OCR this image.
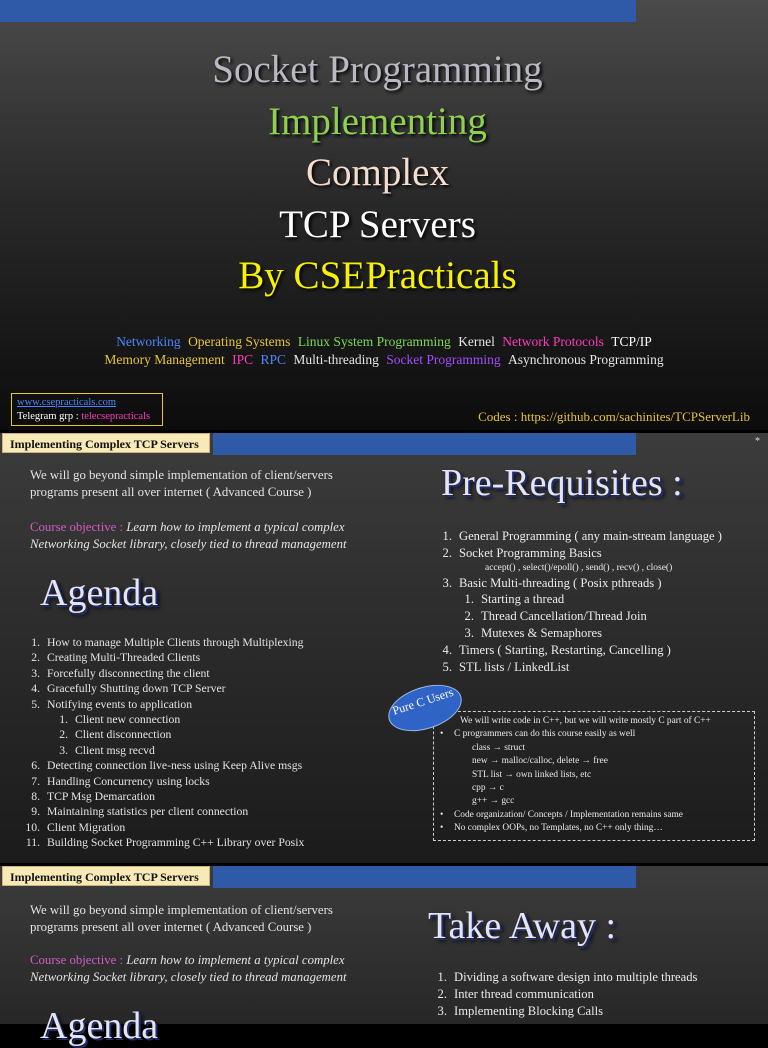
Socket Programming
Implementing
Complex
TCP Servers
By CSEPracticals
Networking Operating Systems Linux System Programming Kernel Network Protocols TCP/IP
Memory Management IPC RPC Multi-threading Socket Programming Asynchronous Programming
www.csepracticals.com
Telegram grp : telecsepracticals	Codes : https://github.com/sachinites/TCPServerLib
Implementing Complex TCP Servers	*
We will go beyond simple implementation of client/servers
programs present all over internet ( Advanced Course )
Course objective : Learn how to implement a typical complex
Networking Socket library, closely tied to thread management
Agenda
1. How to manage Multiple Clients through Multiplexing
2. Creating Multi-Threaded Clients
3. Forcefully disconnecting the client
4. Gracefully Shutting down TCP Server
5. Notifying events to application
1. Client new connection
2. Client disconnection
3. Client msg recvd
6. Detecting connection live-ness using Keep Alive msgs
7. Handling Concurrency using locks
8. TCP Msg Demarcation
9. Maintaining statistics per client connection
10. Client Migration
11. Building Socket Programming C++ Library over Posix
Pre-Requisites :
1. General Programming ( any main-stream language )
2. Socket Programming Basics
accept() , select()/epoll() , send() , recv() , close()
3. Basic Multi-threading ( Posix pthreads )
1. Starting a thread
2. Thread Cancellation/Thread Join
3. Mutexes & Semaphores
4. Timers ( Starting, Restarting, Cancelling )
5. STL lists / LinkedList
We will write code in C++, but we will write mostly C part of C++
• C programmers can do this course easily as well
class → struct
new → malloc/calloc, delete → free
STL list → own linked lists, etc
cpp → c
g++ → gcc
• Code organization/ Concepts / Implementation remains same
• No complex OOPs, no Templates, no C++ only thing…
Pure C Users
Implementing Complex TCP Servers
We will go beyond simple implementation of client/servers
programs present all over internet ( Advanced Course )
Course objective : Learn how to implement a typical complex
Networking Socket library, closely tied to thread management
Agenda
Take Away :
1. Dividing a software design into multiple threads
2. Inter thread communication
3. Implementing Blocking Calls
